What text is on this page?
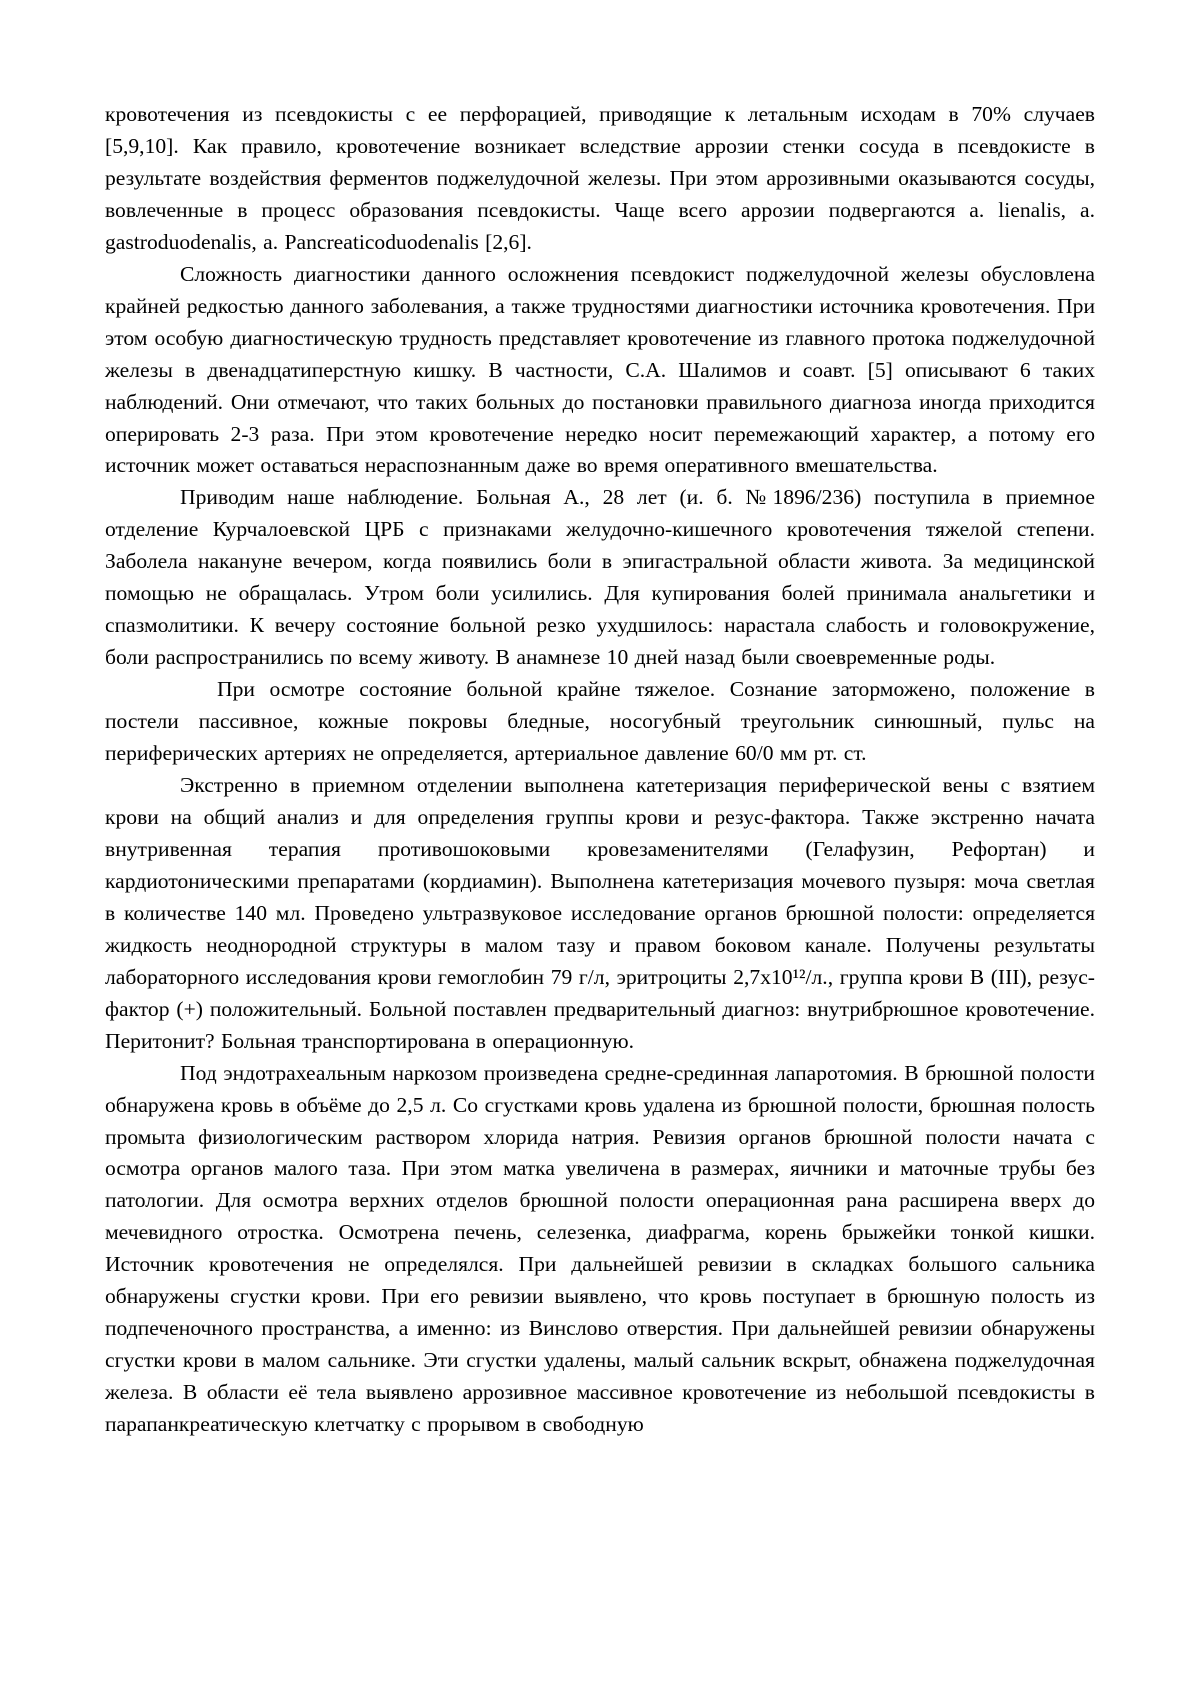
кровотечения из псевдокисты с ее перфорацией, приводящие к летальным исходам в 70% случаев [5,9,10]. Как правило, кровотечение возникает вследствие аррозии стенки сосуда в псевдокисте в результате воздействия ферментов поджелудочной железы. При этом аррозивными оказываются сосуды, вовлеченные в процесс образования псевдокисты. Чаще всего аррозии подвергаются a. lienalis, a. gastroduodenalis, a. Pancreaticoduodenalis [2,6].

Сложность диагностики данного осложнения псевдокист поджелудочной железы обусловлена крайней редкостью данного заболевания, а также трудностями диагностики источника кровотечения. При этом особую диагностическую трудность представляет кровотечение из главного протока поджелудочной железы в двенадцатиперстную кишку. В частности, С.А. Шалимов и соавт. [5] описывают 6 таких наблюдений. Они отмечают, что таких больных до постановки правильного диагноза иногда приходится оперировать 2-3 раза. При этом кровотечение нередко носит перемежающий характер, а потому его источник может оставаться нераспознанным даже во время оперативного вмешательства.

Приводим наше наблюдение. Больная А., 28 лет (и. б. №1896/236) поступила в приемное отделение Курчалоевской ЦРБ с признаками желудочно-кишечного кровотечения тяжелой степени. Заболела накануне вечером, когда появились боли в эпигастральной области живота. За медицинской помощью не обращалась. Утром боли усилились. Для купирования болей принимала анальгетики и спазмолитики. К вечеру состояние больной резко ухудшилось: нарастала слабость и головокружение, боли распространились по всему животу. В анамнезе 10 дней назад были своевременные роды.

При осмотре состояние больной крайне тяжелое. Сознание заторможено, положение в постели пассивное, кожные покровы бледные, носогубный треугольник синюшный, пульс на периферических артериях не определяется, артериальное давление 60/0 мм рт. ст.

Экстренно в приемном отделении выполнена катетеризация периферической вены с взятием крови на общий анализ и для определения группы крови и резус-фактора. Также экстренно начата внутривенная терапия противошоковыми кровезаменителями (Гелафузин, Рефортан) и кардиотоническими препаратами (кордиамин). Выполнена катетеризация мочевого пузыря: моча светлая в количестве 140 мл. Проведено ультразвуковое исследование органов брюшной полости: определяется жидкость неоднородной структуры в малом тазу и правом боковом канале. Получены результаты лабораторного исследования крови гемоглобин 79 г/л, эритроциты 2,7х10¹²/л., группа крови В (III), резус-фактор (+) положительный. Больной поставлен предварительный диагноз: внутрибрюшное кровотечение. Перитонит? Больная транспортирована в операционную.

Под эндотрахеальным наркозом произведена средне-срединная лапаротомия. В брюшной полости обнаружена кровь в объёме до 2,5 л. Со сгустками кровь удалена из брюшной полости, брюшная полость промыта физиологическим раствором хлорида натрия. Ревизия органов брюшной полости начата с осмотра органов малого таза. При этом матка увеличена в размерах, яичники и маточные трубы без патологии. Для осмотра верхних отделов брюшной полости операционная рана расширена вверх до мечевидного отростка. Осмотрена печень, селезенка, диафрагма, корень брыжейки тонкой кишки. Источник кровотечения не определялся. При дальнейшей ревизии в складках большого сальника обнаружены сгустки крови. При его ревизии выявлено, что кровь поступает в брюшную полость из подпеченочного пространства, а именно: из Винслово отверстия. При дальнейшей ревизии обнаружены сгустки крови в малом сальнике. Эти сгустки удалены, малый сальник вскрыт, обнажена поджелудочная железа. В области её тела выявлено аррозивное массивное кровотечение из небольшой псевдокисты в парапанкреатическую клетчатку с прорывом в свободную
